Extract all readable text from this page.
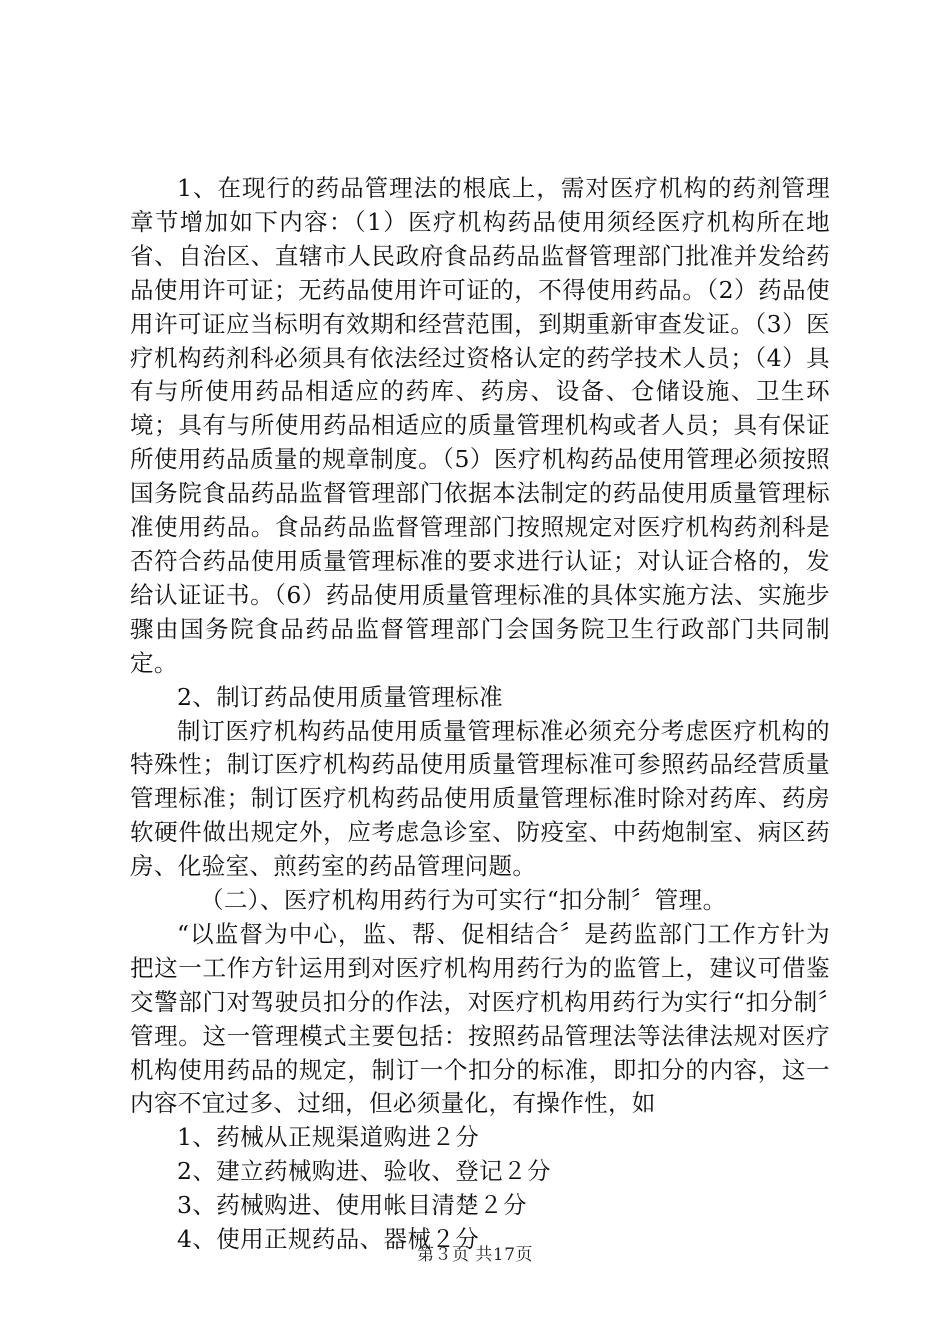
1、在现行的药品管理法的根底上，需对医疗机构的药剂管理章节增加如下内容：（1）医疗机构药品使用须经医疗机构所在地省、自治区、直辖市人民政府食品药品监督管理部门批准并发给药品使用许可证；无药品使用许可证的，不得使用药品。（2）药品使用许可证应当标明有效期和经营范围，到期重新审查发证。（3）医疗机构药剂科必须具有依法经过资格认定的药学技术人员；（4）具有与所使用药品相适应的药库、药房、设备、仓储设施、卫生环境；具有与所使用药品相适应的质量管理机构或者人员；具有保证所使用药品质量的规章制度。（5）医疗机构药品使用管理必须按照国务院食品药品监督管理部门依据本法制定的药品使用质量管理标准使用药品。食品药品监督管理部门按照规定对医疗机构药剂科是否符合药品使用质量管理标准的要求进行认证；对认证合格的，发给认证证书。（6）药品使用质量管理标准的具体实施方法、实施步骤由国务院食品药品监督管理部门会国务院卫生行政部门共同制定。

2、制订药品使用质量管理标准

制订医疗机构药品使用质量管理标准必须充分考虑医疗机构的特殊性；制订医疗机构药品使用质量管理标准可参照药品经营质量管理标准；制订医疗机构药品使用质量管理标准时除对药库、药房软硬件做出规定外，应考虑急诊室、防疫室、中药炮制室、病区药房、化验室、煎药室的药品管理问题。

（二）、医疗机构用药行为可实行“扣分制〞管理。

“以监督为中心，监、帮、促相结合〞是药监部门工作方针为把这一工作方针运用到对医疗机构用药行为的监管上，建议可借鉴交警部门对驾驶员扣分的作法，对医疗机构用药行为实行“扣分制〞管理。这一管理模式主要包括：按照药品管理法等法律法规对医疗机构使用药品的规定，制订一个扣分的标准，即扣分的内容，这一内容不宜过多、过细，但必须量化，有操作性，如

1、药械从正规渠道购进２分

2、建立药械购进、验收、登记２分

3、药械购进、使用帐目清楚２分

4、使用正规药品、器械２分

第３页 共17页
